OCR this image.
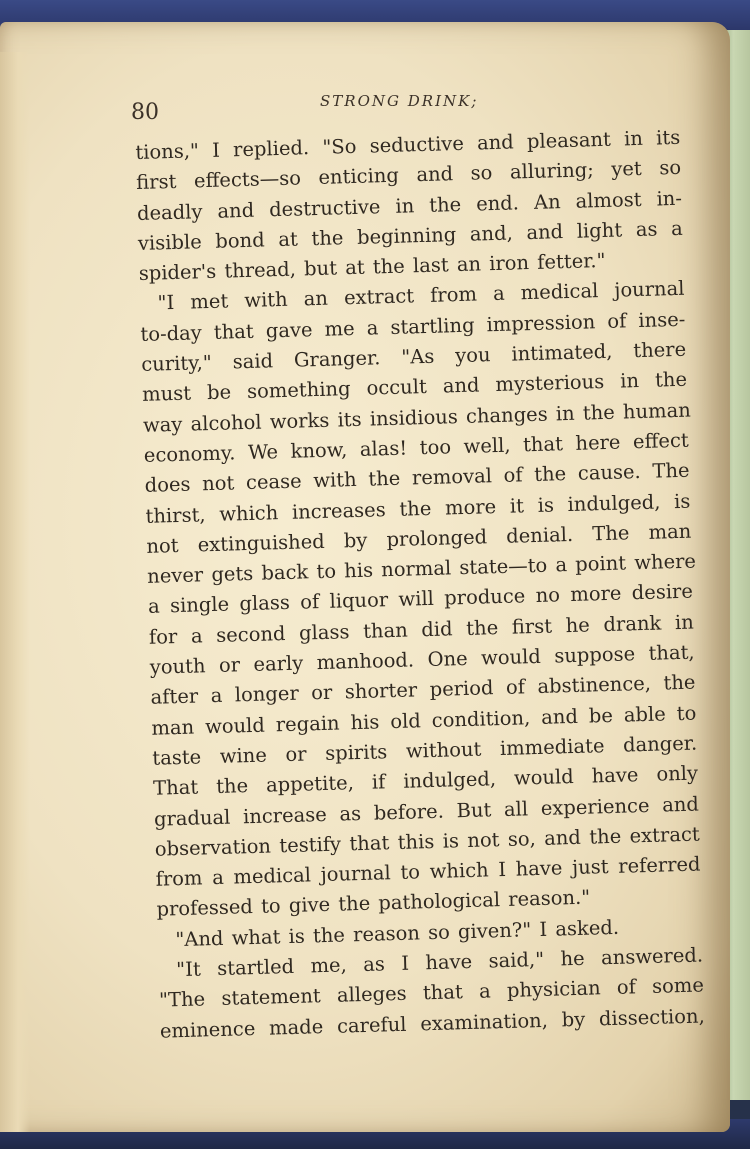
80	STRONG DRINK;

tions," I replied. "So seductive and pleasant in its
first effects—so enticing and so alluring; yet so
deadly and destructive in the end. An almost in-
visible bond at the beginning and, and light as a
spider's thread, but at the last an iron fetter."
"I met with an extract from a medical journal
to-day that gave me a startling impression of inse-
curity," said Granger. "As you intimated, there
must be something occult and mysterious in the
way alcohol works its insidious changes in the human
economy. We know, alas! too well, that here effect
does not cease with the removal of the cause. The
thirst, which increases the more it is indulged, is
not extinguished by prolonged denial. The man
never gets back to his normal state—to a point where
a single glass of liquor will produce no more desire
for a second glass than did the first he drank in
youth or early manhood. One would suppose that,
after a longer or shorter period of abstinence, the
man would regain his old condition, and be able to
taste wine or spirits without immediate danger.
That the appetite, if indulged, would have only
gradual increase as before. But all experience and
observation testify that this is not so, and the extract
from a medical journal to which I have just referred
professed to give the pathological reason."
"And what is the reason so given?" I asked.
"It startled me, as I have said," he answered.
"The statement alleges that a physician of some
eminence made careful examination, by dissection,
